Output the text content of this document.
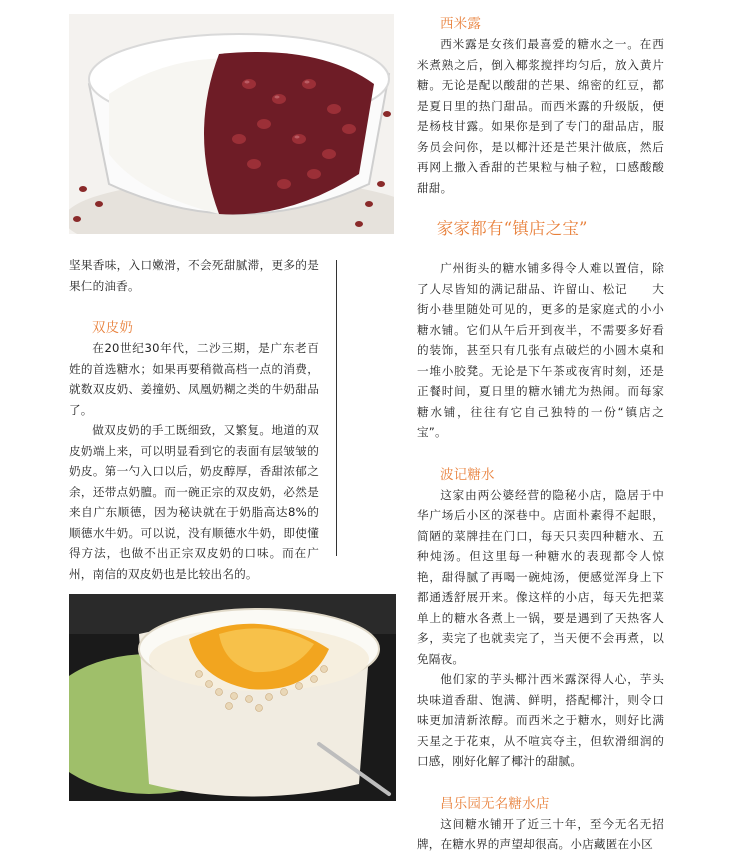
坚果香味，入口嫩滑，不会死甜腻滞，更多的是果仁的油香。

双皮奶

在20世纪30年代，二沙三期，是广东老百姓的首选糖水；如果再要稍微高档一点的消费，就数双皮奶、姜撞奶、凤凰奶糊之类的牛奶甜品了。

做双皮奶的手工既细致，又繁复。地道的双皮奶端上来，可以明显看到它的表面有层皱皱的奶皮。第一勺入口以后，奶皮醇厚，香甜浓郁之余，还带点奶膻。而一碗正宗的双皮奶，必然是来自广东顺德，因为秘诀就在于奶脂高达8%的顺德水牛奶。可以说，没有顺德水牛奶，即使懂得方法，也做不出正宗双皮奶的口味。而在广州，南信的双皮奶也是比较出名的。

西米露

西米露是女孩们最喜爱的糖水之一。在西米煮熟之后，倒入椰浆搅拌均匀后，放入黄片糖。无论是配以酸甜的芒果、绵密的红豆，都是夏日里的热门甜品。而西米露的升级版，便是杨枝甘露。如果你是到了专门的甜品店，服务员会问你，是以椰汁还是芒果汁做底，然后再网上撒入香甜的芒果粒与柚子粒，口感酸酸甜甜。

家家都有“镇店之宝”

广州街头的糖水铺多得令人难以置信，除了人尽皆知的满记甜品、许留山、松记　　大街小巷里随处可见的，更多的是家庭式的小小糖水铺。它们从午后开到夜半，不需要多好看的装饰，甚至只有几张有点破烂的小圆木桌和一堆小胶凳。无论是下午茶或夜宵时刻，还是正餐时间，夏日里的糖水铺尤为热闹。而每家糖水铺，往往有它自己独特的一份“镇店之宝”。

波记糖水

这家由两公婆经营的隐秘小店，隐居于中华广场后小区的深巷中。店面朴素得不起眼，简陋的菜牌挂在门口，每天只卖四种糖水、五种炖汤。但这里每一种糖水的表现都令人惊艳，甜得腻了再喝一碗炖汤，便感觉浑身上下都通透舒展开来。像这样的小店，每天先把菜单上的糖水各煮上一锅，要是遇到了天热客人多，卖完了也就卖完了，当天便不会再煮，以免隔夜。

他们家的芋头椰汁西米露深得人心，芋头块味道香甜、饱满、鲜明，搭配椰汁，则令口味更加清新浓醇。而西米之于糖水，则好比满天星之于花束，从不喧宾夺主，但软滑细润的口感，刚好化解了椰汁的甜腻。

昌乐园无名糖水店

这间糖水铺开了近三十年，至今无名无招牌，在糖水界的声望却很高。小店藏匿在小区
